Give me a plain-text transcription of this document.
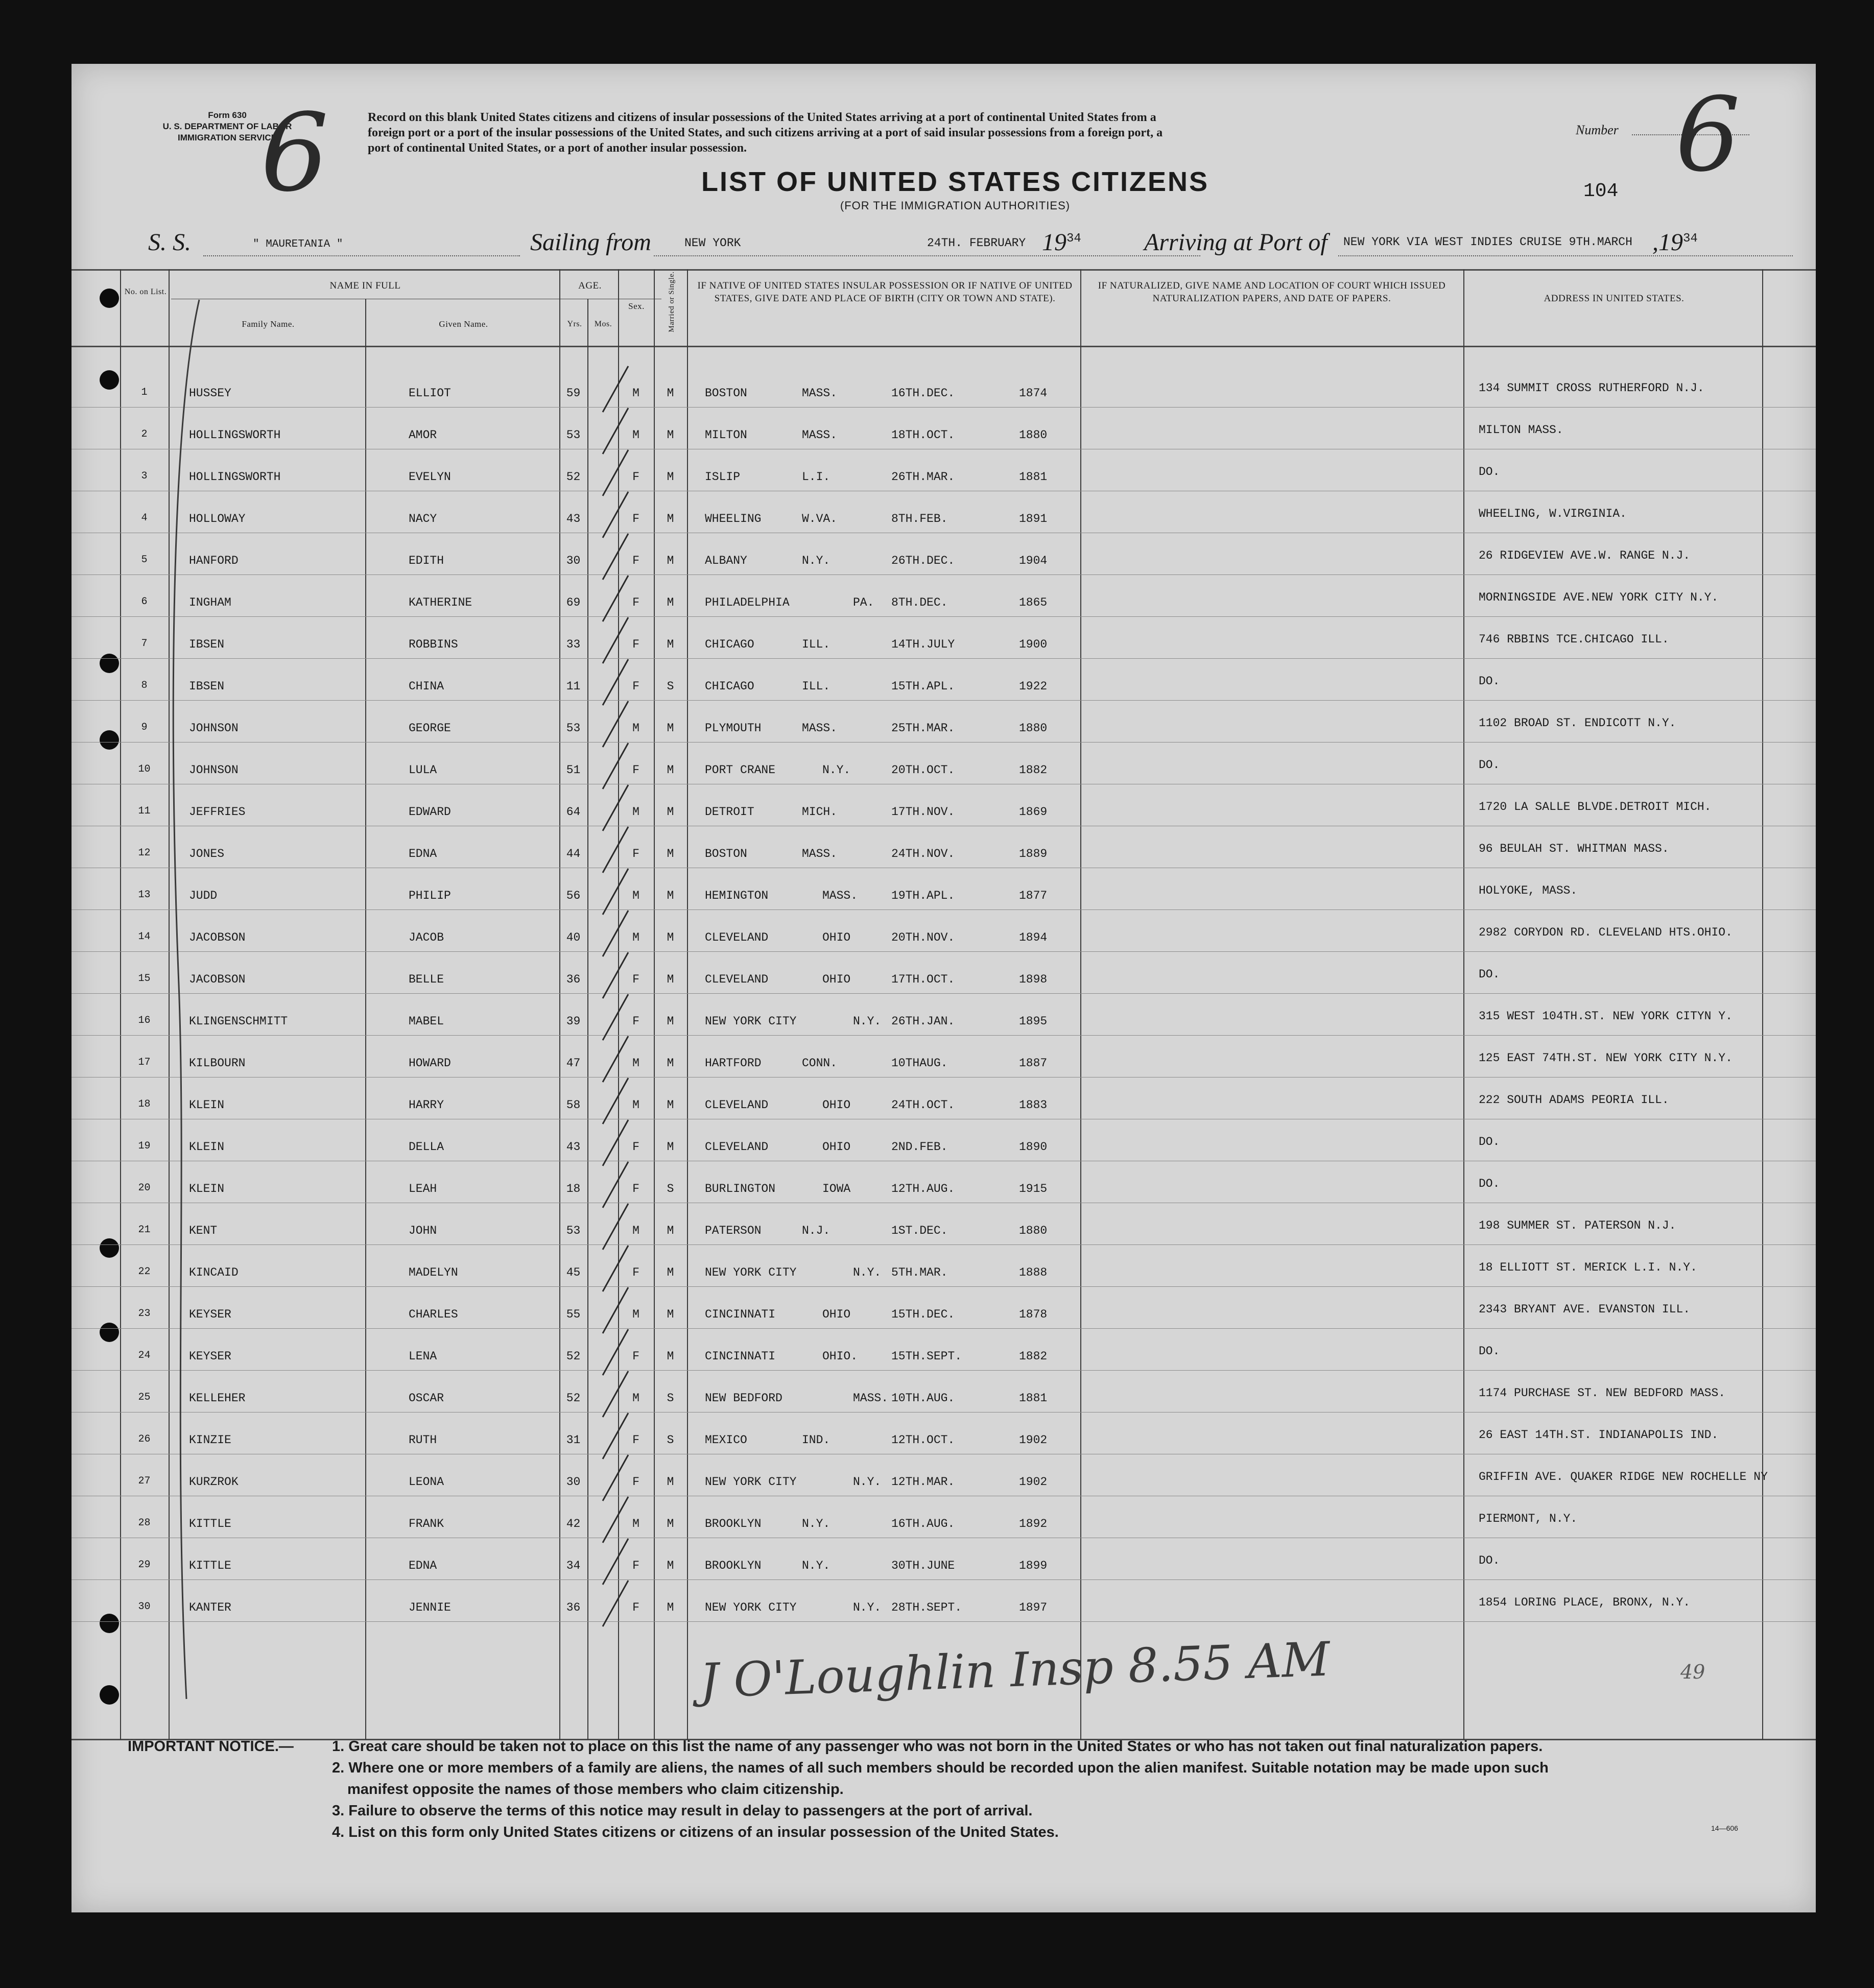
Form 630
U. S. DEPARTMENT OF LABOR
IMMIGRATION SERVICE
6	Record on this blank United States citizens and citizens of insular possessions of the United States arriving at a port of continental United States from a
foreign port or a port of the insular possessions of the United States, and such citizens arriving at a port of said insular possessions from a foreign port, a
port of continental United States, or a port of another insular possession.
Number 6
LIST OF UNITED STATES CITIZENS
(FOR THE IMMIGRATION AUTHORITIES)
104
S. S.	" MAURETANIA "	Sailing from	NEW YORK	24TH. FEBRUARY $19^{34}$	Arriving at Port of NEW YORK VIA WEST INDIES CRUISE 9TH.MARCH $,19^{34}$
No. on List.
NAME IN FULL
Family Name.	Given Name.
AGE.
Yrs.	Mos.
Sex.	Married or Single. IF NATIVE OF UNITED STATES INSULAR POSSESSION OR IF NATIVE OF UNITED STATES, GIVE DATE AND PLACE OF BIRTH (CITY OR TOWN AND STATE).
IF NATURALIZED, GIVE NAME AND LOCATION OF COURT WHICH ISSUED NATURALIZATION PAPERS, AND DATE OF PAPERS.	ADDRESS IN UNITED STATES.
1	HUSSEY	ELLIOT	59	M	M	BOSTON	MASS.	16TH.DEC.	1874	134 SUMMIT CROSS RUTHERFORD N.J.
2	HOLLINGSWORTH	AMOR	53	M	M	MILTON	MASS.	18TH.OCT.	1880	MILTON MASS.
3	HOLLINGSWORTH	EVELYN	52	F	M	ISLIP	L.I.	26TH.MAR.	1881	DO.
4	HOLLOWAY	NACY	43	F	M	WHEELING	W.VA.	8TH.FEB.	1891	WHEELING, W.VIRGINIA.
5	HANFORD	EDITH	30	F	M	ALBANY	N.Y.	26TH.DEC.	1904	26 RIDGEVIEW AVE.W. RANGE N.J.
6	INGHAM	KATHERINE	69	F	M	PHILADELPHIA	PA.	8TH.DEC.	1865	MORNINGSIDE AVE.NEW YORK CITY N.Y.
7	IBSEN	ROBBINS	33	F	M	CHICAGO	ILL.	14TH.JULY	1900	746 RBBINS TCE.CHICAGO ILL.
8	IBSEN	CHINA	11	F	S	CHICAGO	ILL.	15TH.APL.	1922	DO.
9	JOHNSON	GEORGE	53	M	M	PLYMOUTH	MASS.	25TH.MAR.	1880	1102 BROAD ST. ENDICOTT N.Y.
10	JOHNSON	LULA	51	F	M	PORT CRANE	N.Y.	20TH.OCT.	1882	DO.
11	JEFFRIES	EDWARD	64	M	M	DETROIT	MICH.	17TH.NOV.	1869	1720 LA SALLE BLVDE.DETROIT MICH.
12	JONES	EDNA	44	F	M	BOSTON	MASS.	24TH.NOV.	1889	96 BEULAH ST. WHITMAN MASS.
13	JUDD	PHILIP	56	M	M	HEMINGTON	MASS.	19TH.APL.	1877	HOLYOKE, MASS.
14	JACOBSON	JACOB	40	M	M	CLEVELAND	OHIO	20TH.NOV.	1894	2982 CORYDON RD. CLEVELAND HTS.OHIO.
15	JACOBSON	BELLE	36	F	M	CLEVELAND	OHIO	17TH.OCT.	1898	DO.
16	KLINGENSCHMITT	MABEL	39	F	M	NEW YORK CITY	N.Y. 26TH.JAN.	1895	315 WEST 104TH.ST. NEW YORK CITYN Y.
17	KILBOURN	HOWARD	47	M	M	HARTFORD	CONN.	10THAUG.	1887	125 EAST 74TH.ST. NEW YORK CITY N.Y.
18	KLEIN	HARRY	58	M	M	CLEVELAND	OHIO	24TH.OCT.	1883	222 SOUTH ADAMS PEORIA ILL.
19	KLEIN	DELLA	43	F	M	CLEVELAND	OHIO	2ND.FEB.	1890	DO.
20	KLEIN	LEAH	18	F	S	BURLINGTON	IOWA	12TH.AUG.	1915	DO.
21	KENT	JOHN	53	M	M	PATERSON	N.J.	1ST.DEC.	1880	198 SUMMER ST. PATERSON N.J.
22	KINCAID	MADELYN	45	F	M	NEW YORK CITY	N.Y. 5TH.MAR.	1888	18 ELLIOTT ST. MERICK L.I. N.Y.
23	KEYSER	CHARLES	55	M	M	CINCINNATI	OHIO	15TH.DEC.	1878	2343 BRYANT AVE. EVANSTON ILL.
24	KEYSER	LENA	52	F	M	CINCINNATI	OHIO.	15TH.SEPT.	1882	DO.
25	KELLEHER	OSCAR	52	M	S	NEW BEDFORD	MASS. 10TH.AUG.	1881	1174 PURCHASE ST. NEW BEDFORD MASS.
26	KINZIE	RUTH	31	F	S	MEXICO	IND.	12TH.OCT.	1902	26 EAST 14TH.ST. INDIANAPOLIS IND.
27	KURZROK	LEONA	30	F	M	NEW YORK CITY	N.Y. 12TH.MAR.	1902	GRIFFIN AVE. QUAKER RIDGE NEW ROCHELLE NY
28	KITTLE	FRANK	42	M	M	BROOKLYN	N.Y.	16TH.AUG.	1892	PIERMONT, N.Y.
29	KITTLE	EDNA	34	F	M	BROOKLYN	N.Y.	30TH.JUNE	1899	DO.
30	KANTER	JENNIE	36	F	M	NEW YORK CITY	N.Y. 28TH.SEPT.	1897	1854 LORING PLACE, BRONX, N.Y.
J O'Loughlin Insp 8.55 AM	49
IMPORTANT NOTICE.—	1. Great care should be taken not to place on this list the name of any passenger who was not born in the United States or who has not taken out final naturalization papers.
2. Where one or more members of a family are aliens, the names of all such members should be recorded upon the alien manifest. Suitable notation may be made upon such
manifest opposite the names of those members who claim citizenship.
3. Failure to observe the terms of this notice may result in delay to passengers at the port of arrival.
4. List on this form only United States citizens or citizens of an insular possession of the United States.	14—606
